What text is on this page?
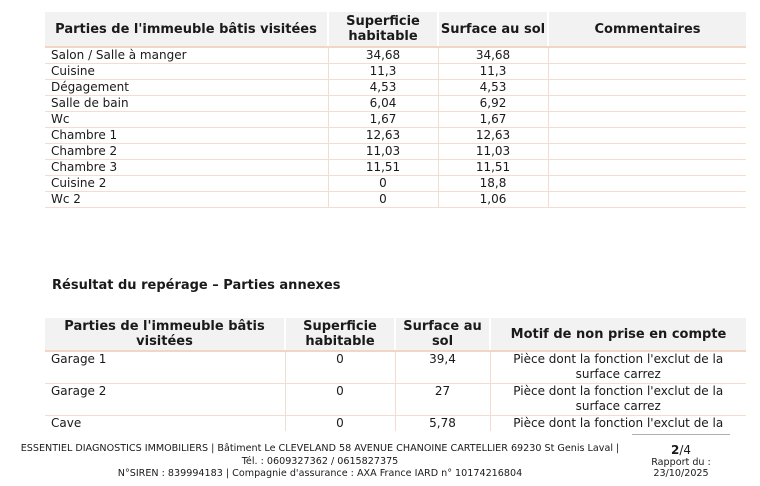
Parties de l'immeuble bâtis visitées	Superficie habitable	Surface au sol	Commentaires
Salon / Salle à manger	34,68	34,68	
Cuisine	11,3	11,3	
Dégagement	4,53	4,53	
Salle de bain	6,04	6,92	
Wc	1,67	1,67	
Chambre 1	12,63	12,63	
Chambre 2	11,03	11,03	
Chambre 3	11,51	11,51	
Cuisine 2	0	18,8	
Wc 2	0	1,06	
Résultat du repérage – Parties annexes
Parties de l'immeuble bâtis visitées	Superficie habitable	Surface au sol	Motif de non prise en compte
Garage 1	0	39,4	Pièce dont la fonction l'exclut de la surface carrez
Garage 2	0	27	Pièce dont la fonction l'exclut de la surface carrez
Cave	0	5,78	Pièce dont la fonction l'exclut de la
ESSENTIEL DIAGNOSTICS IMMOBILIERS | Bâtiment Le CLEVELAND 58 AVENUE CHANOINE CARTELLIER 69230 St Genis Laval |
Tél. : 0609327362 / 0615827375
N°SIREN : 839994183 | Compagnie d'assurance : AXA France IARD n° 10174216804
2/4
Rapport du :
23/10/2025
